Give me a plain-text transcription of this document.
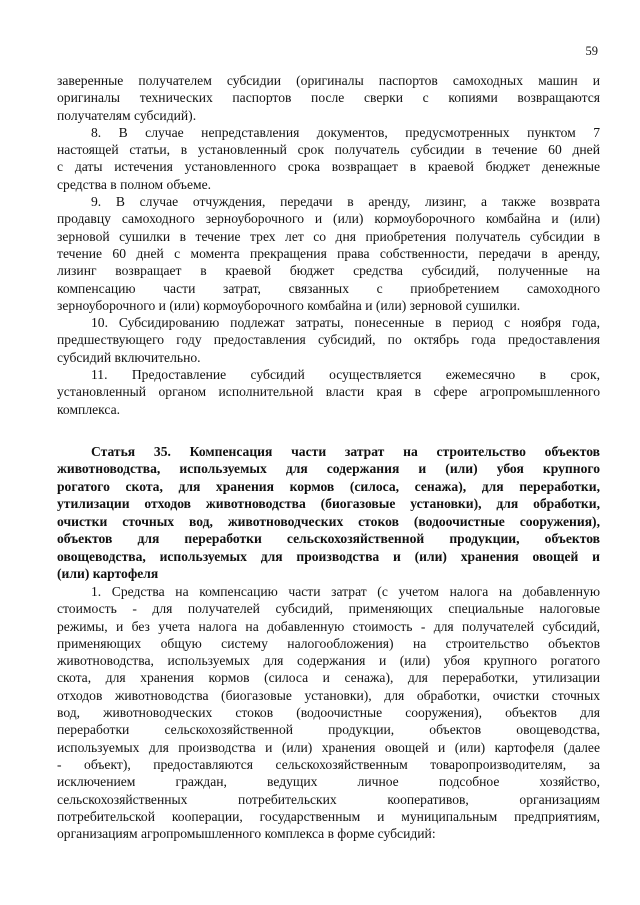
59
заверенные получателем субсидии (оригиналы паспортов самоходных машин и
оригиналы технических паспортов после сверки с копиями возвращаются
получателям субсидий).
8. В случае непредставления документов, предусмотренных пунктом 7
настоящей статьи, в установленный срок получатель субсидии в течение 60 дней
с даты истечения установленного срока возвращает в краевой бюджет денежные
средства в полном объеме.
9. В случае отчуждения, передачи в аренду, лизинг, а также возврата
продавцу самоходного зерноуборочного и (или) кормоуборочного комбайна и (или)
зерновой сушилки в течение трех лет со дня приобретения получатель субсидии в
течение 60 дней с момента прекращения права собственности, передачи в аренду,
лизинг возвращает в краевой бюджет средства субсидий, полученные на
компенсацию части затрат, связанных с приобретением самоходного
зерноуборочного и (или) кормоуборочного комбайна и (или) зерновой сушилки.
10. Субсидированию подлежат затраты, понесенные в период с ноября года,
предшествующего году предоставления субсидий, по октябрь года предоставления
субсидий включительно.
11. Предоставление субсидий осуществляется ежемесячно в срок,
установленный органом исполнительной власти края в сфере агропромышленного
комплекса.
Статья 35. Компенсация части затрат на строительство объектов
животноводства, используемых для содержания и (или) убоя крупного
рогатого скота, для хранения кормов (силоса, сенажа), для переработки,
утилизации отходов животноводства (биогазовые установки), для обработки,
очистки сточных вод, животноводческих стоков (водоочистные сооружения),
объектов для переработки сельскохозяйственной продукции, объектов
овощеводства, используемых для производства и (или) хранения овощей и
(или) картофеля
1. Средства на компенсацию части затрат (с учетом налога на добавленную
стоимость - для получателей субсидий, применяющих специальные налоговые
режимы, и без учета налога на добавленную стоимость - для получателей субсидий,
применяющих общую систему налогообложения) на строительство объектов
животноводства, используемых для содержания и (или) убоя крупного рогатого
скота, для хранения кормов (силоса и сенажа), для переработки, утилизации
отходов животноводства (биогазовые установки), для обработки, очистки сточных
вод, животноводческих стоков (водоочистные сооружения), объектов для
переработки сельскохозяйственной продукции, объектов овощеводства,
используемых для производства и (или) хранения овощей и (или) картофеля (далее
- объект), предоставляются сельскохозяйственным товаропроизводителям, за
исключением граждан, ведущих личное подсобное хозяйство,
сельскохозяйственных потребительских кооперативов, организациям
потребительской кооперации, государственным и муниципальным предприятиям,
организациям агропромышленного комплекса в форме субсидий:
